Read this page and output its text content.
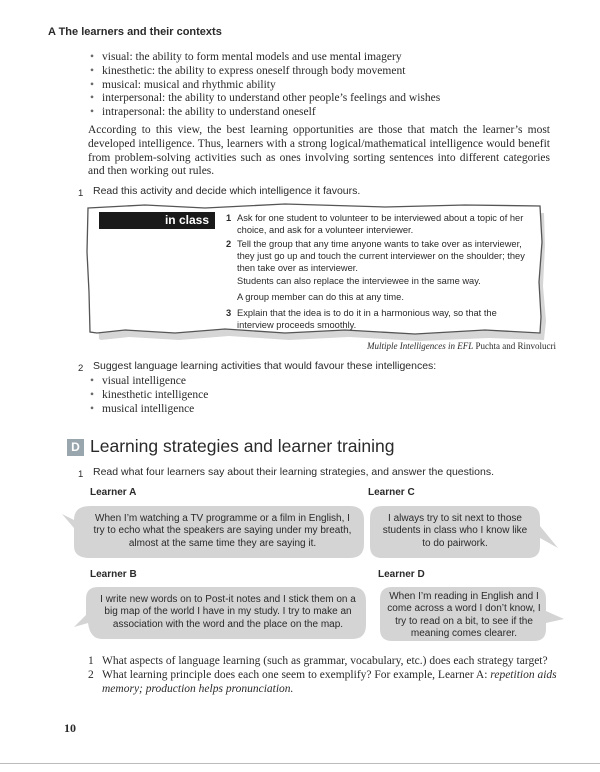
A The learners and their contexts
• visual: the ability to form mental models and use mental imagery
• kinesthetic: the ability to express oneself through body movement
• musical: musical and rhythmic ability
• interpersonal: the ability to understand other people’s feelings and wishes
• intrapersonal: the ability to understand oneself
According to this view, the best learning opportunities are those that match the learner’s most developed intelligence. Thus, learners with a strong logical/mathematical intelligence would benefit from problem-solving activities such as ones involving sorting sentences into different categories and then working out rules.
1 Read this activity and decide which intelligence it favours.
in class	1 Ask for one student to volunteer to be interviewed about a topic of her choice, and ask for a volunteer interviewer.
2 Tell the group that any time anyone wants to take over as interviewer, they just go up and touch the current interviewer on the shoulder; they then take over as interviewer.
Students can also replace the interviewee in the same way.
A group member can do this at any time.
3 Explain that the idea is to do it in a harmonious way, so that the interview proceeds smoothly.
Multiple Intelligences in EFL Puchta and Rinvolucri
2 Suggest language learning activities that would favour these intelligences:
• visual intelligence
• kinesthetic intelligence
• musical intelligence
D Learning strategies and learner training
1 Read what four learners say about their learning strategies, and answer the questions.
Learner A
When I’m watching a TV programme or a film in English, I try to echo what the speakers are saying under my breath, almost at the same time they are saying it.
Learner C
I always try to sit next to those students in class who I know like to do pairwork.
Learner B
I write new words on to Post-it notes and I stick them on a big map of the world I have in my study. I try to make an association with the word and the place on the map.
Learner D
When I’m reading in English and I come across a word I don’t know, I try to read on a bit, to see if the meaning comes clearer.

1 What aspects of language learning (such as grammar, vocabulary, etc.) does each strategy target?

2 What learning principle does each one seem to exemplify? For example, Learner A: repetition aids memory; production helps pronunciation.

10
